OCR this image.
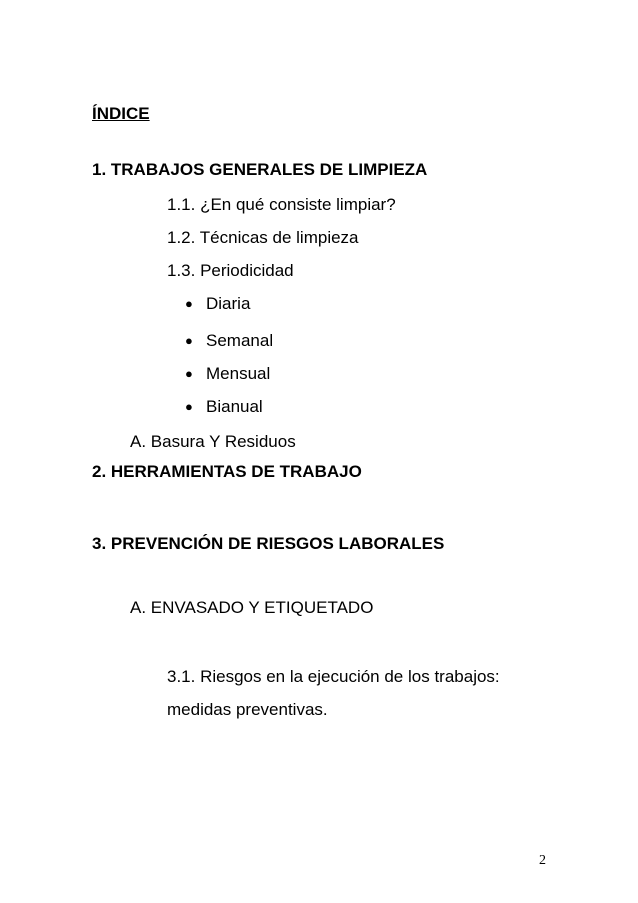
ÍNDICE
1. TRABAJOS GENERALES DE LIMPIEZA
1.1. ¿En qué consiste limpiar?
1.2. Técnicas de limpieza
1.3. Periodicidad
● Diaria
● Semanal
● Mensual
● Bianual
A. Basura Y Residuos
2. HERRAMIENTAS DE TRABAJO
3. PREVENCIÓN DE RIESGOS LABORALES
A. ENVASADO Y ETIQUETADO
3.1. Riesgos en la ejecución de los trabajos:
medidas preventivas.
2
